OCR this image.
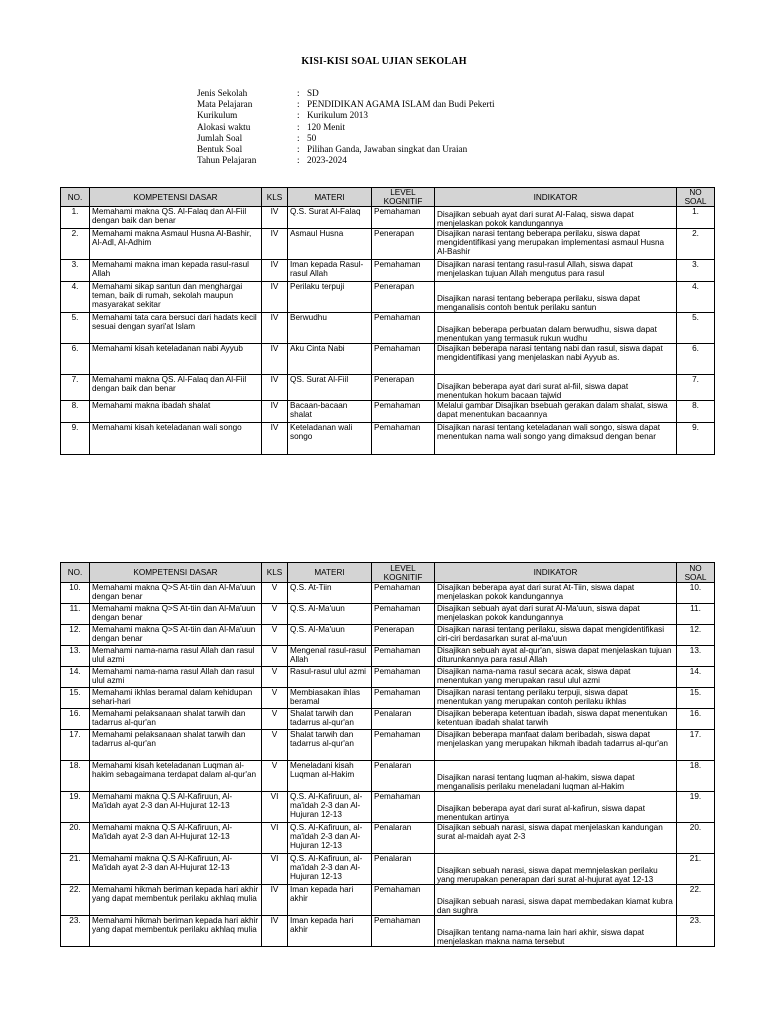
KISI-KISI SOAL UJIAN SEKOLAH
Jenis Sekolah	: SD
Mata Pelajaran	: PENDIDIKAN AGAMA ISLAM dan Budi Pekerti
Kurikulum	: Kurikulum 2013
Alokasi waktu	: 120 Menit
Jumlah Soal	: 50
Bentuk Soal	: Pilihan Ganda, Jawaban singkat dan Uraian
Tahun Pelajaran	: 2023-2024
NO.	KOMPETENSI DASAR	KLS	MATERI	LEVEL KOGNITIF	INDIKATOR	NO SOAL
1.	Memahami makna QS. Al-Falaq dan Al-Fiil dengan baik dan benar	IV	Q.S. Surat Al-Falaq	Pemahaman	Disajikan sebuah ayat dari surat Al-Falaq, siswa dapat menjelaskan pokok kandungannya	1.
2.	Memahami makna Asmaul Husna Al-Bashir, Al-Adl, Al-Adhim	IV	Asmaul Husna	Penerapan	Disajikan narasi tentang beberapa perilaku, siswa dapat mengidentifikasi yang merupakan implementasi asmaul Husna Al-Bashir	2.
3.	Memahami makna iman kepada rasul-rasul Allah	IV	Iman kepada Rasul-rasul Allah	Pemahaman	Disajikan narasi tentang rasul-rasul Allah, siswa dapat menjelaskan tujuan Allah mengutus para rasul	3.
4.	Memahami sikap santun dan menghargai teman, baik di rumah, sekolah maupun masyarakat sekitar	IV	Perilaku terpuji	Penerapan	Disajikan narasi tentang beberapa perilaku, siswa dapat menganalisis contoh bentuk perilaku santun	4.
5.	Memahami tata cara bersuci dari hadats kecil sesuai dengan syari'at Islam	IV	Berwudhu	Pemahaman	Disajikan beberapa perbuatan dalam berwudhu, siswa dapat menentukan yang termasuk rukun wudhu	5.
6.	Memahami kisah keteladanan nabi Ayyub	IV	Aku Cinta Nabi	Pemahaman	Disajikan beberapa narasi tentang nabi dan rasul, siswa dapat mengidentifikasi yang menjelaskan nabi Ayyub as.	6.
7.	Memahami makna QS. Al-Falaq dan Al-Fiil dengan baik dan benar	IV	QS. Surat Al-Fiil	Penerapan	Disajikan beberapa ayat dari surat al-fiil, siswa dapat menentukan hokum bacaan tajwid	7.
8.	Memahami makna ibadah shalat	IV	Bacaan-bacaan shalat	Pemahaman	Melalui gambar Disajikan bsebuah gerakan dalam shalat, siswa dapat menentukan bacaannya	8.
9.	Memahami kisah keteladanan wali songo	IV	Keteladanan wali songo	Pemahaman	Disajikan narasi tentang keteladanan wali songo, siswa dapat menentukan nama wali songo yang dimaksud dengan benar	9.
NO.	KOMPETENSI DASAR	KLS	MATERI	LEVEL KOGNITIF	INDIKATOR	NO SOAL
10.	Memahami makna Q>S At-tiin dan Al-Ma'uun dengan benar	V	Q.S. At-Tiin	Pemahaman	Disajikan beberapa ayat dari surat At-Tiin, siswa dapat menjelaskan pokok kandungannya	10.
11.	Memahami makna Q>S At-tiin dan Al-Ma'uun dengan benar	V	Q.S. Al-Ma'uun	Pemahaman	Disajikan sebuah ayat dari surat Al-Ma'uun, siswa dapat menjelaskan pokok kandungannya	11.
12.	Memahami makna Q>S At-tiin dan Al-Ma'uun dengan benar	V	Q.S. Al-Ma'uun	Penerapan	Disajikan narasi tentang perilaku, siswa dapat mengidentifikasi ciri-ciri berdasarkan surat al-ma'uun	12.
13.	Memahami nama-nama rasul Allah dan rasul ulul azmi	V	Mengenal rasul-rasul Allah	Pemahaman	Disajikan sebuah ayat al-qur'an, siswa dapat menjelaskan tujuan diturunkannya para rasul Allah	13.
14.	Memahami nama-nama rasul Allah dan rasul ulul azmi	V	Rasul-rasul ulul azmi	Pemahaman	Disajikan nama-nama rasul secara acak, siswa dapat menentukan yang merupakan rasul ulul azmi	14.
15.	Memahami ikhlas beramal dalam kehidupan sehari-hari	V	Membiasakan ihlas beramal	Pemahaman	Disajikan narasi tentang perilaku terpuji, siswa dapat menentukan yang merupakan contoh perilaku ikhlas	15.
16.	Memahami pelaksanaan shalat tarwih dan tadarrus al-qur'an	V	Shalat tarwih dan tadarrus al-qur'an	Penalaran	Disajikan beberapa ketentuan ibadah, siswa dapat menentukan ketentuan ibadah shalat tarwih	16.
17.	Memahami pelaksanaan shalat tarwih dan tadarrus al-qur'an	V	Shalat tarwih dan tadarrus al-qur'an	Pemahaman	Disajikan beberapa manfaat dalam beribadah, siswa dapat menjelaskan yang merupakan hikmah ibadah tadarrus al-qur'an	17.
18.	Memahami kisah keteladanan Luqman al-hakim sebagaimana terdapat dalam al-qur'an	V	Meneladani kisah Luqman al-Hakim	Penalaran	Disajikan narasi tentang luqman al-hakim, siswa dapat menganalisis perilaku meneladani luqman al-Hakim	18.
19.	Memahami makna Q.S Al-Kafiruun, Al-Ma'idah ayat 2-3 dan Al-Hujurat 12-13	VI	Q.S. Al-Kafiruun, al-ma'idah 2-3 dan Al-Hujuran 12-13	Pemahaman	Disajikan beberapa ayat dari surat al-kafirun, siswa dapat menentukan artinya	19.
20.	Memahami makna Q.S Al-Kafiruun, Al-Ma'idah ayat 2-3 dan Al-Hujurat 12-13	VI	Q.S. Al-Kafiruun, al-ma'idah 2-3 dan Al-Hujuran 12-13	Penalaran	Disajikan sebuah narasi, siswa dapat menjelaskan kandungan surat al-maidah ayat 2-3	20.
21.	Memahami makna Q.S Al-Kafiruun, Al-Ma'idah ayat 2-3 dan Al-Hujurat 12-13	VI	Q.S. Al-Kafiruun, al-ma'idah 2-3 dan Al-Hujuran 12-13	Penalaran	Disajikan sebuah narasi, siswa dapat memnjelaskan perilaku yang merupakan penerapan dari surat al-hujurat ayat 12-13	21.
22.	Memahami hikmah beriman kepada hari akhir yang dapat membentuk perilaku akhlaq mulia	IV	Iman kepada hari akhir	Pemahaman	Disajikan sebuah narasi, siswa dapat membedakan kiamat kubra dan sughra	22.
23.	Memahami hikmah beriman kepada hari akhir yang dapat membentuk perilaku akhlaq mulia	IV	Iman kepada hari akhir	Pemahaman	Disajikan tentang nama-nama lain hari akhir, siswa dapat menjelaskan makna nama tersebut	23.
